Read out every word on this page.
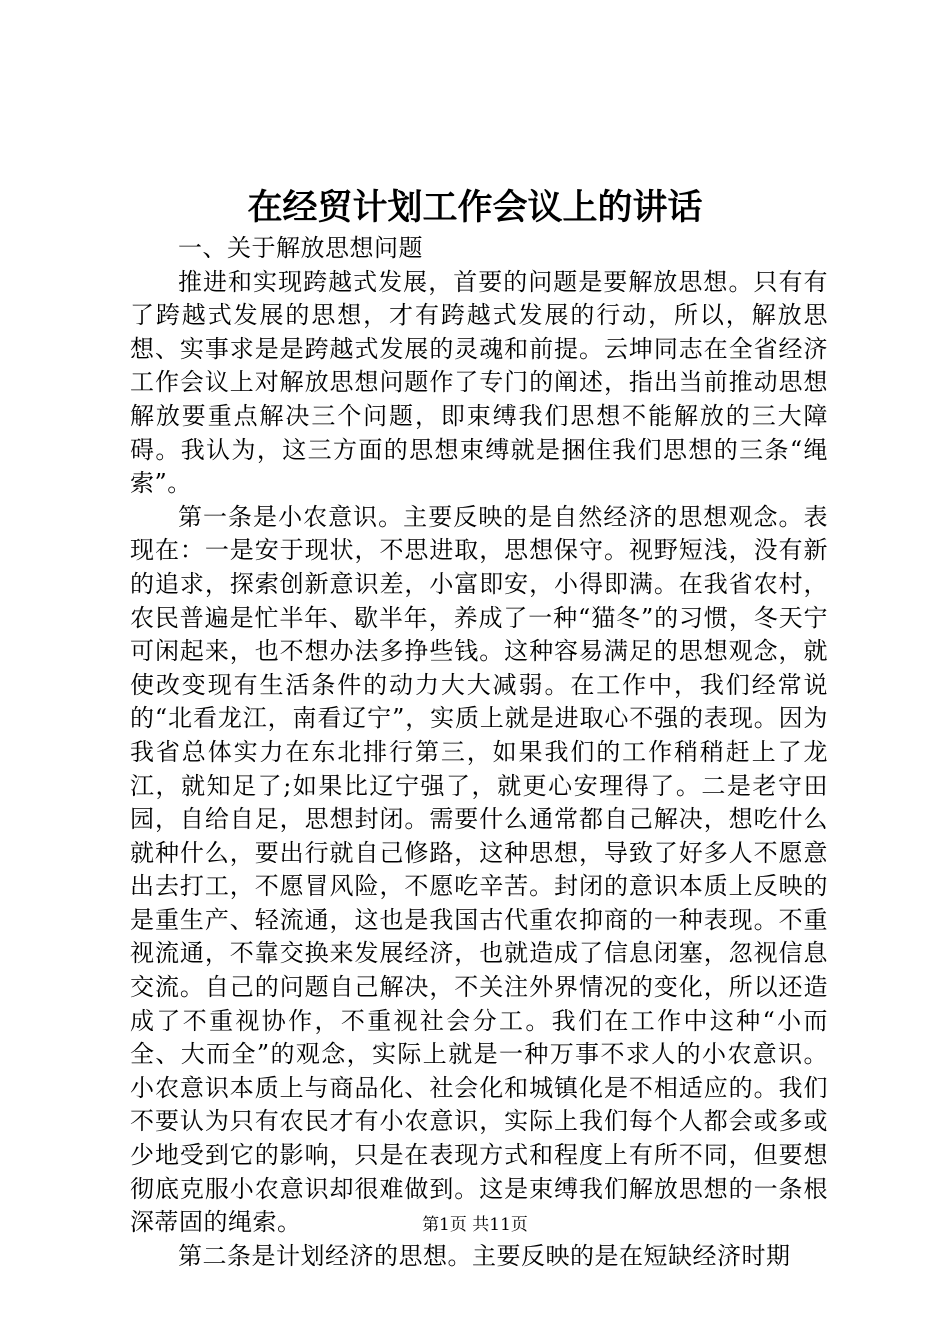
在经贸计划工作会议上的讲话

一、关于解放思想问题

推进和实现跨越式发展，首要的问题是要解放思想。只有有了跨越式发展的思想，才有跨越式发展的行动，所以，解放思想、实事求是是跨越式发展的灵魂和前提。云坤同志在全省经济工作会议上对解放思想问题作了专门的阐述，指出当前推动思想解放要重点解决三个问题，即束缚我们思想不能解放的三大障碍。我认为，这三方面的思想束缚就是捆住我们思想的三条“绳索”。

第一条是小农意识。主要反映的是自然经济的思想观念。表现在：一是安于现状，不思进取，思想保守。视野短浅，没有新的追求，探索创新意识差，小富即安，小得即满。在我省农村，农民普遍是忙半年、歇半年，养成了一种“猫冬”的习惯，冬天宁可闲起来，也不想办法多挣些钱。这种容易满足的思想观念，就使改变现有生活条件的动力大大减弱。在工作中，我们经常说的“北看龙江，南看辽宁”，实质上就是进取心不强的表现。因为我省总体实力在东北排行第三，如果我们的工作稍稍赶上了龙江，就知足了;如果比辽宁强了，就更心安理得了。二是老守田园，自给自足，思想封闭。需要什么通常都自己解决，想吃什么就种什么，要出行就自己修路，这种思想，导致了好多人不愿意出去打工，不愿冒风险，不愿吃辛苦。封闭的意识本质上反映的是重生产、轻流通，这也是我国古代重农抑商的一种表现。不重视流通，不靠交换来发展经济，也就造成了信息闭塞，忽视信息交流。自己的问题自己解决，不关注外界情况的变化，所以还造成了不重视协作，不重视社会分工。我们在工作中这种“小而全、大而全”的观念，实际上就是一种万事不求人的小农意识。小农意识本质上与商品化、社会化和城镇化是不相适应的。我们不要认为只有农民才有小农意识，实际上我们每个人都会或多或少地受到它的影响，只是在表现方式和程度上有所不同，但要想彻底克服小农意识却很难做到。这是束缚我们解放思想的一条根深蒂固的绳索。

第二条是计划经济的思想。主要反映的是在短缺经济时期

第1页 共11页
